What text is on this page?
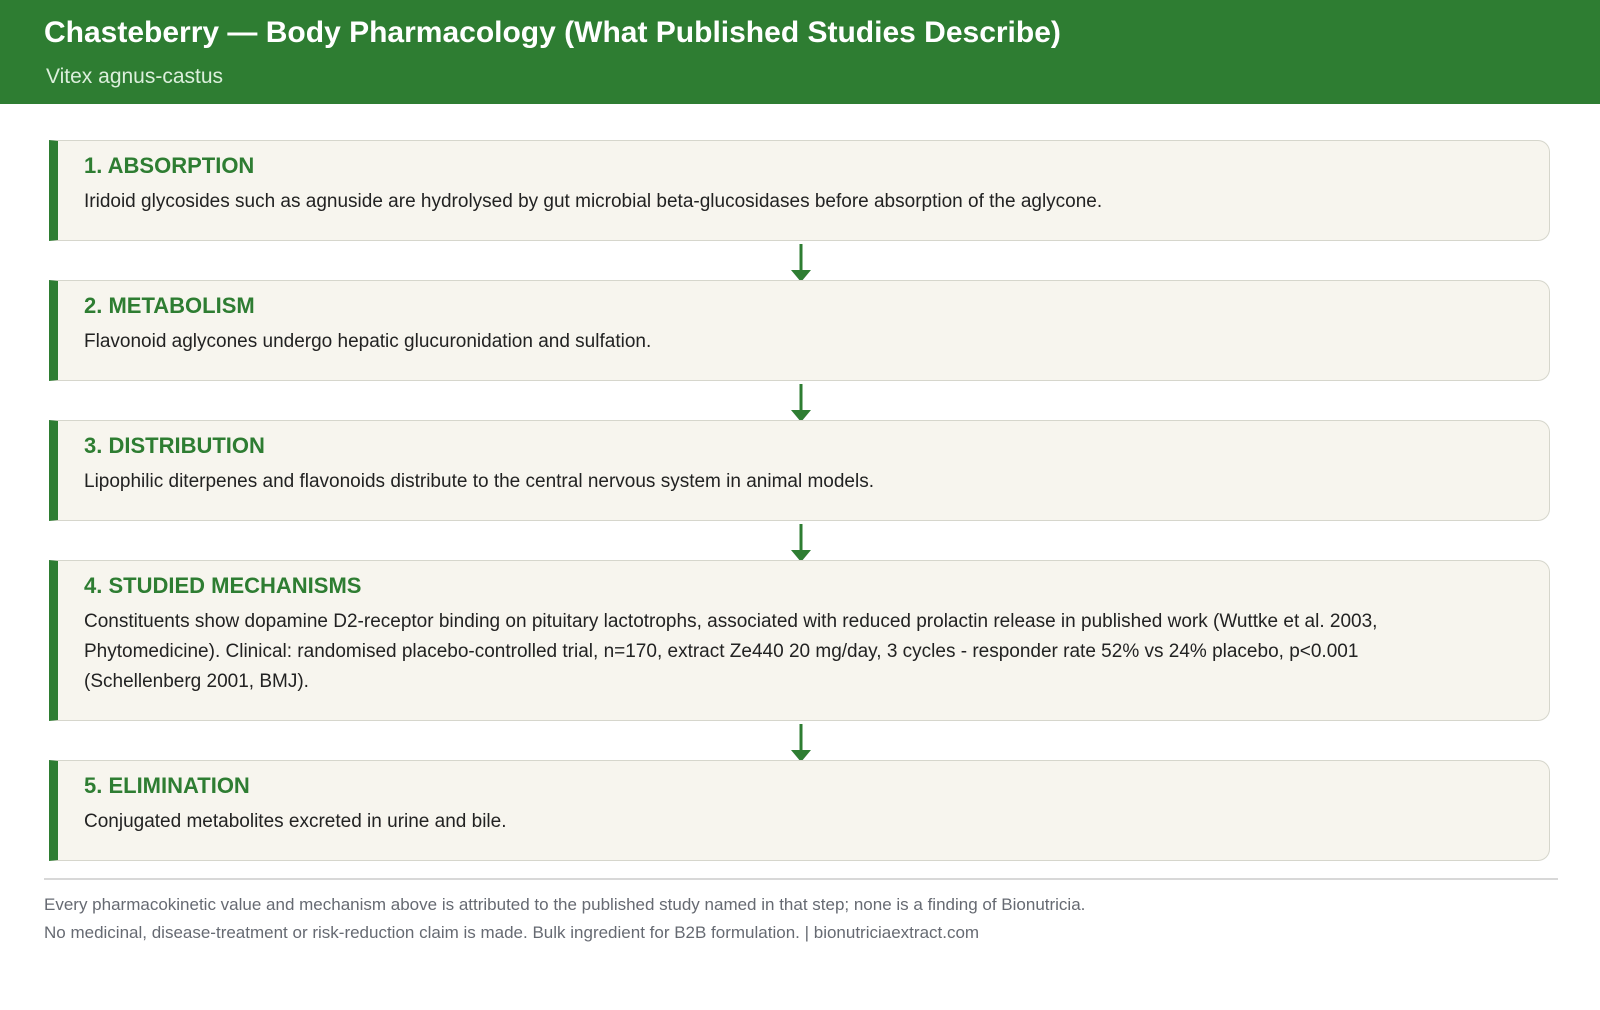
Chasteberry — Body Pharmacology (What Published Studies Describe)
Vitex agnus-castus
1. ABSORPTION
Iridoid glycosides such as agnuside are hydrolysed by gut microbial beta-glucosidases before absorption of the aglycone.
2. METABOLISM
Flavonoid aglycones undergo hepatic glucuronidation and sulfation.
3. DISTRIBUTION
Lipophilic diterpenes and flavonoids distribute to the central nervous system in animal models.
4. STUDIED MECHANISMS
Constituents show dopamine D2-receptor binding on pituitary lactotrophs, associated with reduced prolactin release in published work (Wuttke et al. 2003, Phytomedicine). Clinical: randomised placebo-controlled trial, n=170, extract Ze440 20 mg/day, 3 cycles - responder rate 52% vs 24% placebo, p<0.001 (Schellenberg 2001, BMJ).
5. ELIMINATION
Conjugated metabolites excreted in urine and bile.
Every pharmacokinetic value and mechanism above is attributed to the published study named in that step; none is a finding of Bionutricia.
No medicinal, disease-treatment or risk-reduction claim is made. Bulk ingredient for B2B formulation. | bionutriciaextract.com
